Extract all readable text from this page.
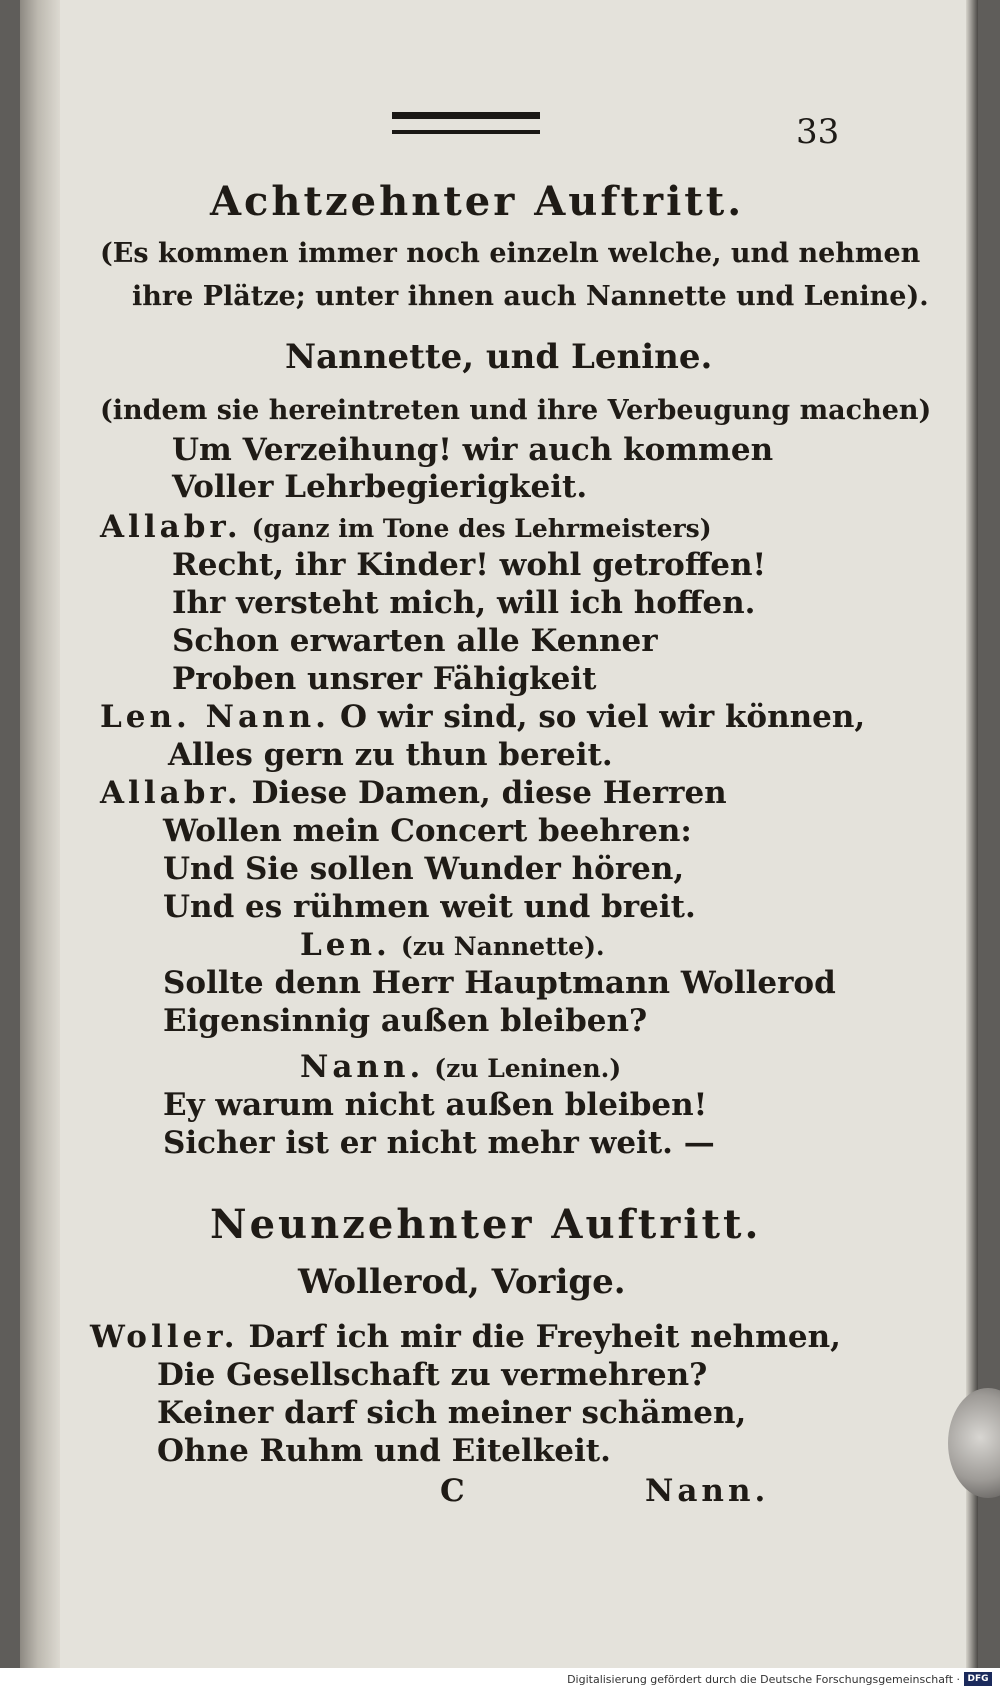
33
Achtzehnter Auftritt.
(Es kommen immer noch einzeln welche, und nehmen
ihre Plätze; unter ihnen auch Nannette und Lenine).
Nannette, und Lenine.
(indem sie hereintreten und ihre Verbeugung machen)
Um Verzeihung! wir auch kommen
Voller Lehrbegierigkeit.
Allabr. (ganz im Tone des Lehrmeisters)
Recht, ihr Kinder! wohl getroffen!
Ihr versteht mich, will ich hoffen.
Schon erwarten alle Kenner
Proben unsrer Fähigkeit
Len. Nann. O wir sind, so viel wir können,
Alles gern zu thun bereit.
Allabr. Diese Damen, diese Herren
Wollen mein Concert beehren:
Und Sie sollen Wunder hören,
Und es rühmen weit und breit.
Len. (zu Nannette).
Sollte denn Herr Hauptmann Wollerod
Eigensinnig außen bleiben?
Nann. (zu Leninen.)
Ey warum nicht außen bleiben!
Sicher ist er nicht mehr weit. —
Neunzehnter Auftritt.
Wollerod, Vorige.
Woller. Darf ich mir die Freyheit nehmen,
Die Gesellschaft zu vermehren?
Keiner darf sich meiner schämen,
Ohne Ruhm und Eitelkeit.
C	Nann.
Digitalisierung gefördert durch die Deutsche Forschungsgemeinschaft · DFG
